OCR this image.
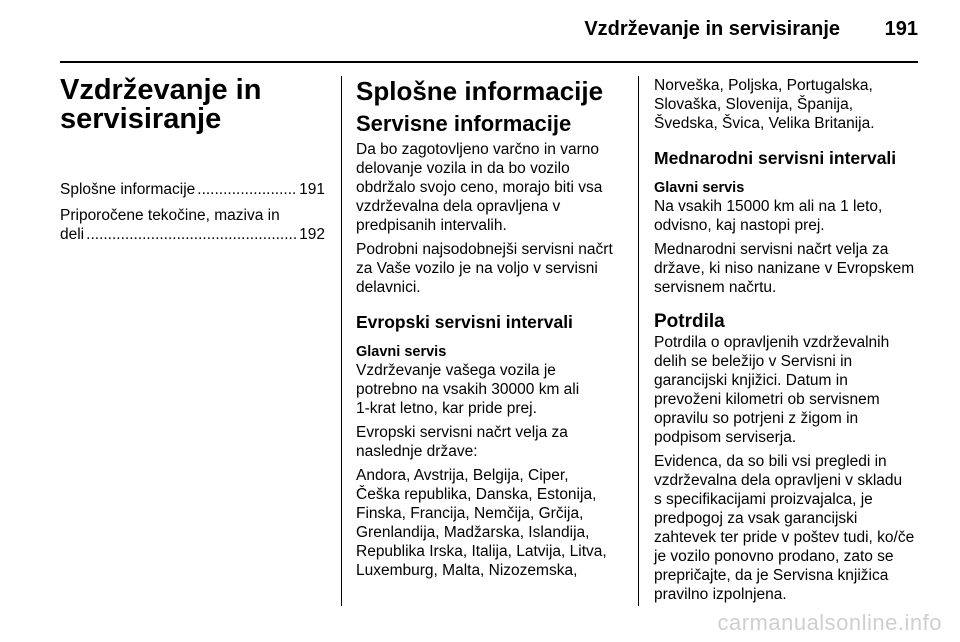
Vzdrževanje in servisiranje 191
Vzdrževanje in
servisiranje
Splošne informacije .....	191
Priporočene tekočine, maziva in
deli .....	192
Splošne informacije
Servisne informacije

Da bo zagotovljeno varčno in varno
delovanje vozila in da bo vozilo
obdržalo svojo ceno, morajo biti vsa
vzdrževalna dela opravljena v
predpisanih intervalih.

Podrobni najsodobnejši servisni načrt
za Vaše vozilo je na voljo v servisni
delavnici.

Evropski servisni intervali
Glavni servis

Vzdrževanje vašega vozila je
potrebno na vsakih 30000 km ali
1-krat letno, kar pride prej.

Evropski servisni načrt velja za
naslednje države:

Andora, Avstrija, Belgija, Ciper,
Češka republika, Danska, Estonija,
Finska, Francija, Nemčija, Grčija,
Grenlandija, Madžarska, Islandija,
Republika Irska, Italija, Latvija, Litva,
Luxemburg, Malta, Nizozemska,

Norveška, Poljska, Portugalska,
Slovaška, Slovenija, Španija,
Švedska, Švica, Velika Britanija.

Mednarodni servisni intervali
Glavni servis

Na vsakih 15000 km ali na 1 leto,
odvisno, kaj nastopi prej.

Mednarodni servisni načrt velja za
države, ki niso nanizane v Evropskem
servisnem načrtu.

Potrdila

Potrdila o opravljenih vzdrževalnih
delih se beležijo v Servisni in
garancijski knjižici. Datum in
prevoženi kilometri ob servisnem
opravilu so potrjeni z žigom in
podpisom serviserja.

Evidenca, da so bili vsi pregledi in
vzdrževalna dela opravljeni v skladu
s specifikacijami proizvajalca, je
predpogoj za vsak garancijski
zahtevek ter pride v poštev tudi, ko/če
je vozilo ponovno prodano, zato se
prepričajte, da je Servisna knjižica
pravilno izpolnjena.

carmanualsonline.info
